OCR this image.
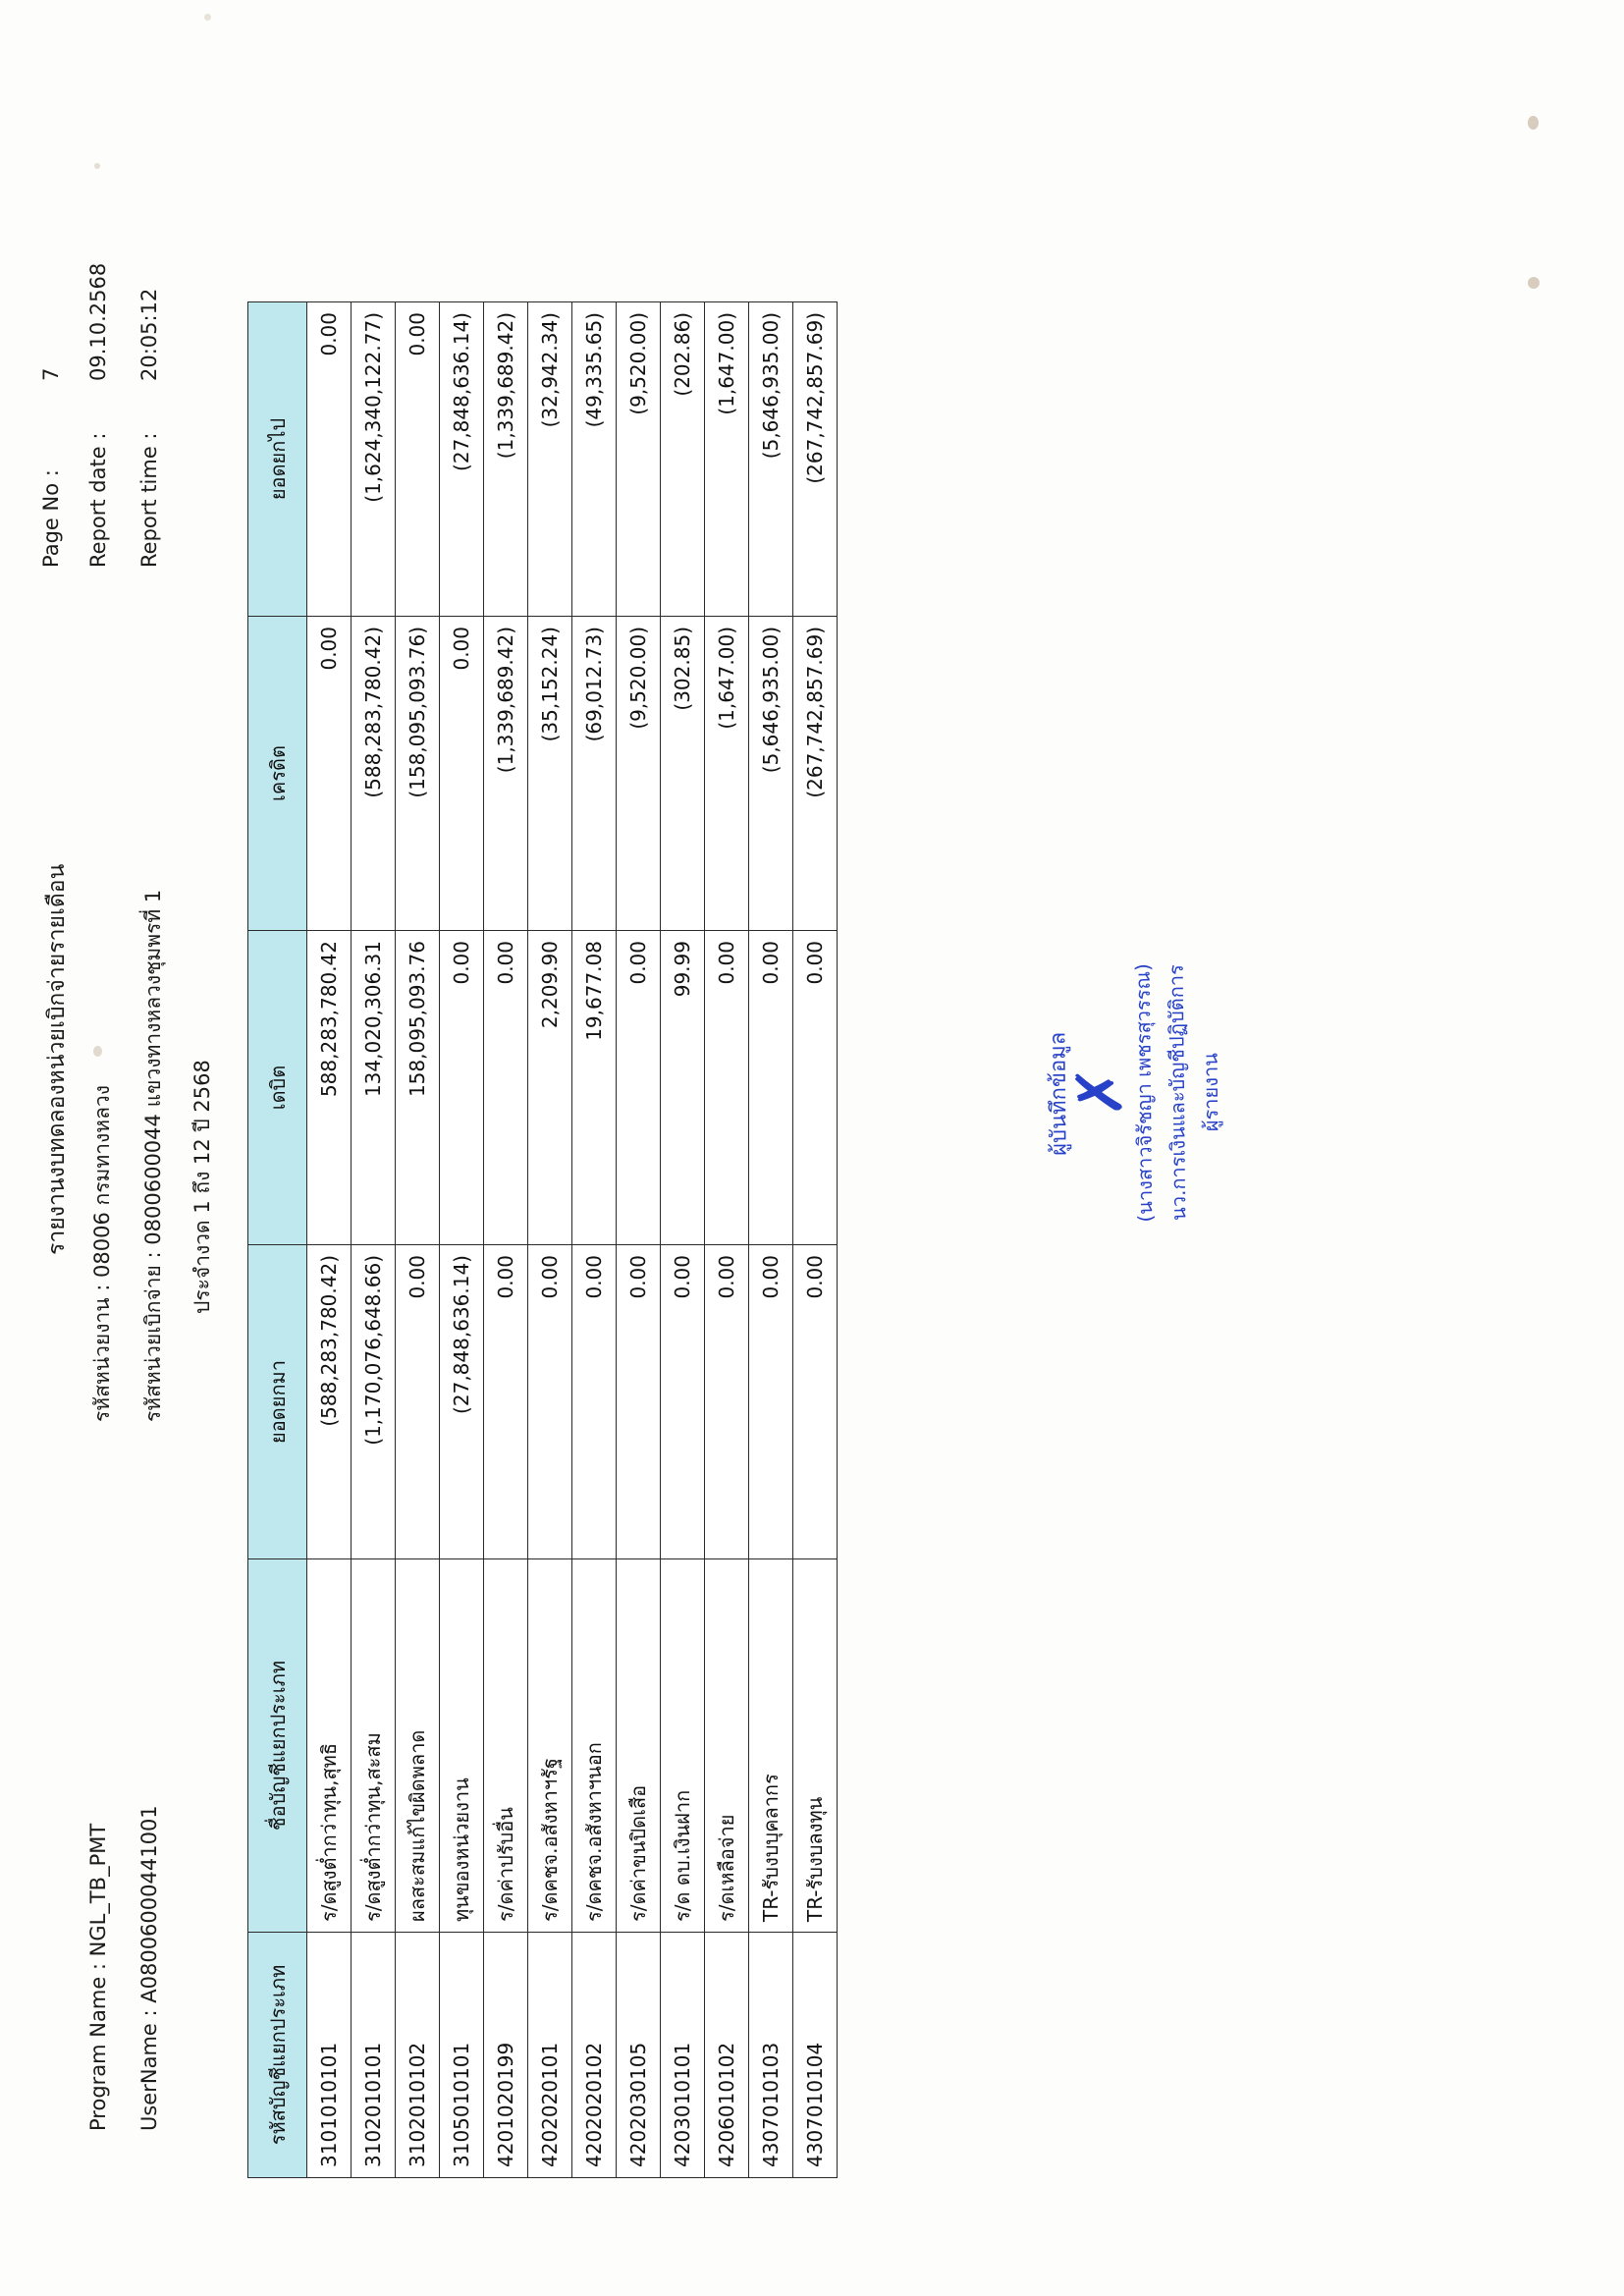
รายงานงบทดลองหน่วยเบิกจ่ายรายเดือน
Program Name : NGL_TB_PMT UserName : A08006000441001
รหัสหน่วยงาน : 08006 กรมทางหลวง รหัสหน่วยเบิกจ่าย : 0800600044 แขวงทางหลวงชุมพรที่ 1 ประจำงวด 1 ถึง 12 ปี 2568
Page No :
7
Report date :
09.10.2568
Report time :
20:05:12
รหัสบัญชีแยกประเภท	ชื่อบัญชีแยกประเภท	ยอดยกมา	เดบิต	เครดิต	ยอดยกไป
3101010101	ร/ดสูงต่ำกว่าทุน,สุทธิ	(588,283,780.42)	588,283,780.42	0.00	0.00
3102010101	ร/ดสูงต่ำกว่าทุน,สะสม	(1,170,076,648.66)	134,020,306.31	(588,283,780.42)	(1,624,340,122.77)
3102010102	ผลสะสมแก้ไขผิดพลาด	0.00	158,095,093.76	(158,095,093.76)	0.00
3105010101	ทุนของหน่วยงาน	(27,848,636.14)	0.00	0.00	(27,848,636.14)
4201020199	ร/ดค่าปรับอื่น	0.00	0.00	(1,339,689.42)	(1,339,689.42)
4202020101	ร/ดคชจ.อสังหาฯรัฐ	0.00	2,209.90	(35,152.24)	(32,942.34)
4202020102	ร/ดคชจ.อสังหาฯนอก	0.00	19,677.08	(69,012.73)	(49,335.65)
4202030105	ร/ดค่าขนปิดเสือ	0.00	0.00	(9,520.00)	(9,520.00)
4203010101	ร/ด ดบ.เงินฝาก	0.00	99.99	(302.85)	(202.86)
4206010102	ร/ดเหลือจ่าย	0.00	0.00	(1,647.00)	(1,647.00)
4307010103	TR-รับงบบุคลากร	0.00	0.00	(5,646,935.00)	(5,646,935.00)
4307010104	TR-รับงบลงทุน	0.00	0.00	(267,742,857.69)	(267,742,857.69)
ผู้บันทึกข้อมูล
✗
(นางสาวจิรัชญา เพชรสุวรรณ) นว.การเงินและบัญชีปฏิบัติการ ผู้รายงาน
